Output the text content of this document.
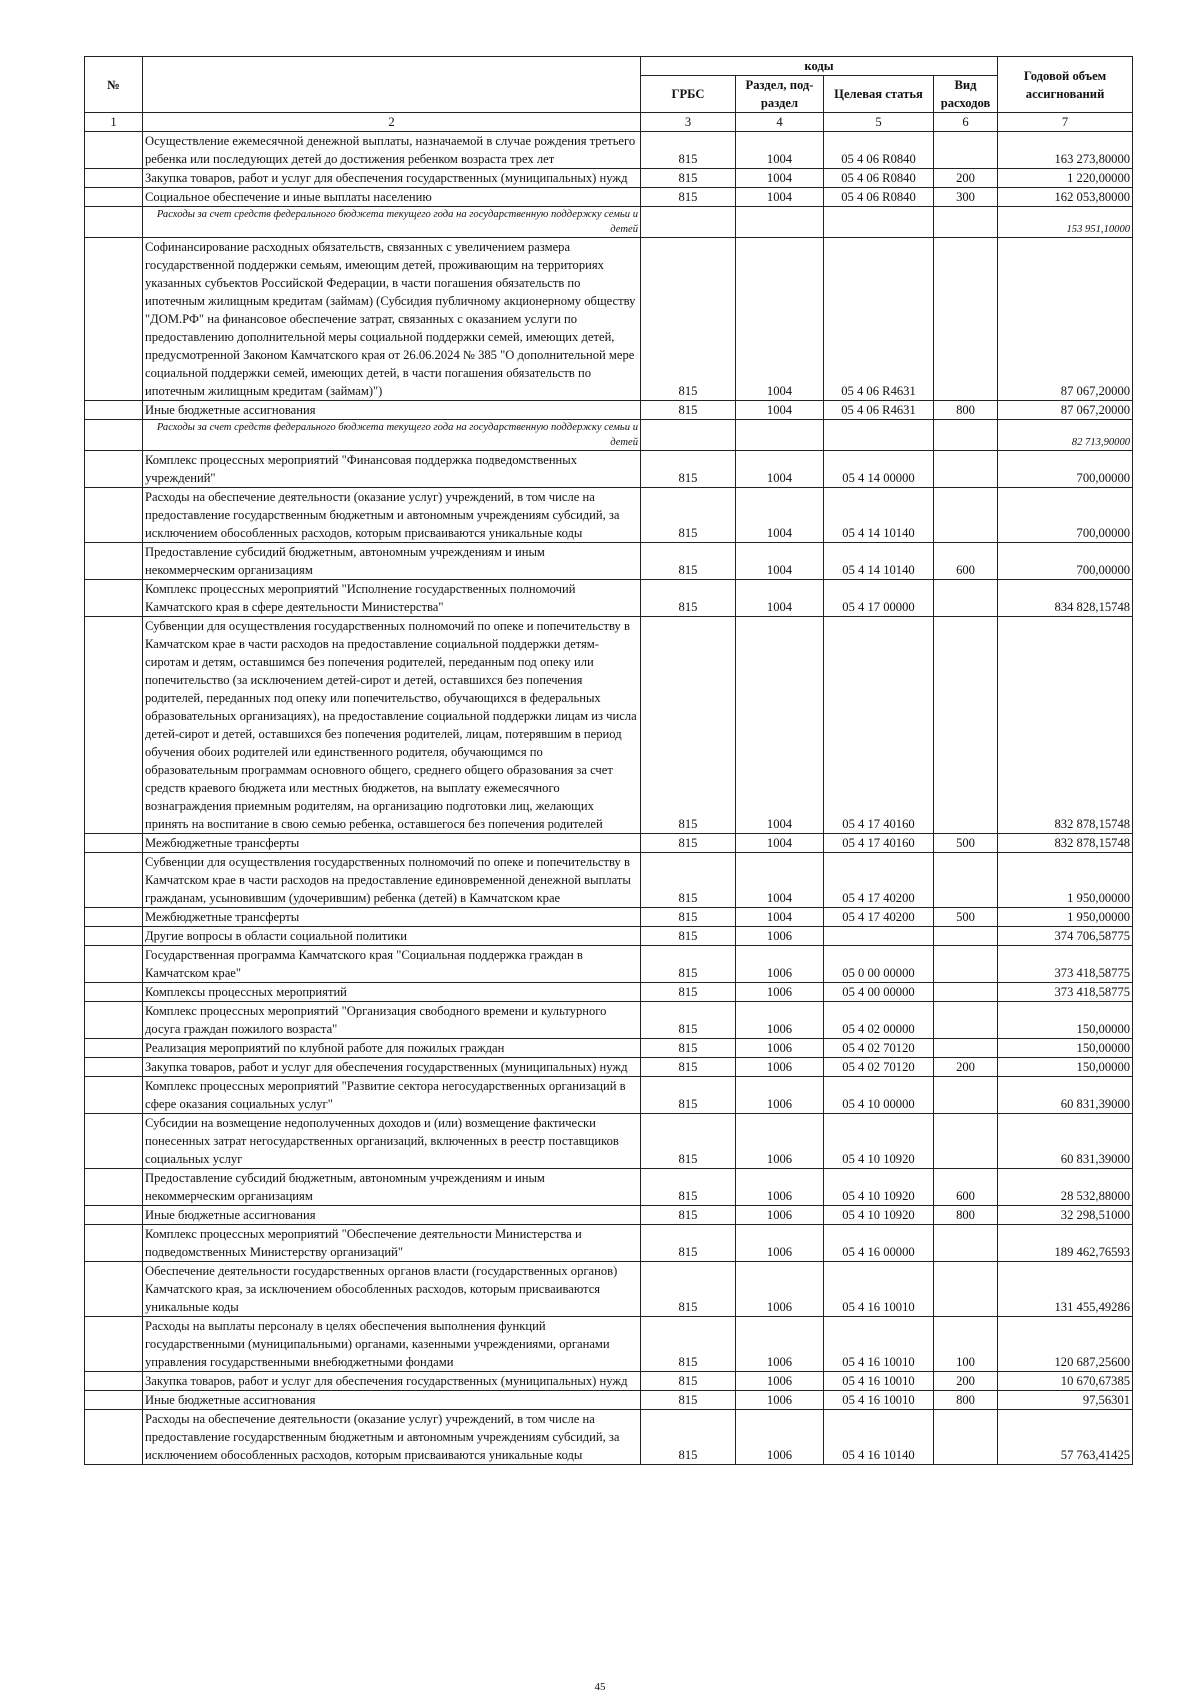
№		коды				Годовой объем ассигнований
		ГРБС	Раздел, под-раздел	Целевая статья	Вид расходов	
1	2	3	4	5	6	7
	Осуществление ежемесячной денежной выплаты, назначаемой в случае рождения третьего ребенка или последующих детей до достижения ребенком возраста трех лет	815	1004	05 4 06 R0840		163 273,80000
	Закупка товаров, работ и услуг для обеспечения государственных (муниципальных) нужд	815	1004	05 4 06 R0840	200	1 220,00000
	Социальное обеспечение и иные выплаты населению	815	1004	05 4 06 R0840	300	162 053,80000
	Расходы за счет средств федерального бюджета текущего года на государственную поддержку семьи и детей					153 951,10000
	Софинансирование расходных обязательств, связанных с увеличением размера государственной поддержки семьям, имеющим детей, проживающим на территориях указанных субъектов Российской Федерации, в части погашения обязательств по ипотечным жилищным кредитам (займам) (Субсидия публичному акционерному обществу "ДОМ.РФ" на финансовое обеспечение затрат, связанных с оказанием услуги по предоставлению дополнительной меры социальной поддержки семей, имеющих детей, предусмотренной Законом Камчатского края от 26.06.2024 № 385 "О дополнительной мере социальной поддержки семей, имеющих детей, в части погашения обязательств по ипотечным жилищным кредитам (займам)")	815	1004	05 4 06 R4631		87 067,20000
	Иные бюджетные ассигнования	815	1004	05 4 06 R4631	800	87 067,20000
	Расходы за счет средств федерального бюджета текущего года на государственную поддержку семьи и детей					82 713,90000
	Комплекс процессных мероприятий "Финансовая поддержка подведомственных учреждений"	815	1004	05 4 14 00000		700,00000
	Расходы на обеспечение деятельности (оказание услуг) учреждений, в том числе на предоставление государственным бюджетным и автономным учреждениям субсидий, за исключением обособленных расходов, которым присваиваются уникальные коды	815	1004	05 4 14 10140		700,00000
	Предоставление субсидий бюджетным, автономным учреждениям и иным некоммерческим организациям	815	1004	05 4 14 10140	600	700,00000
	Комплекс процессных мероприятий "Исполнение государственных полномочий Камчатского края в сфере деятельности Министерства"	815	1004	05 4 17 00000		834 828,15748
	Субвенции для осуществления государственных полномочий по опеке и попечительству в Камчатском крае в части расходов на предоставление социальной поддержки детям-сиротам и детям, оставшимся без попечения родителей, переданным под опеку или попечительство (за исключением детей-сирот и детей, оставшихся без попечения родителей, переданных под опеку или попечительство, обучающихся в федеральных образовательных организациях), на предоставление социальной поддержки лицам из числа детей-сирот и детей, оставшихся без попечения родителей, лицам, потерявшим в период обучения обоих родителей или единственного родителя, обучающимся по образовательным программам основного общего, среднего общего образования за счет средств краевого бюджета или местных бюджетов, на выплату ежемесячного вознаграждения приемным родителям, на организацию подготовки лиц, желающих принять на воспитание в свою семью ребенка, оставшегося без попечения родителей	815	1004	05 4 17 40160		832 878,15748
	Межбюджетные трансферты	815	1004	05 4 17 40160	500	832 878,15748
	Субвенции для осуществления государственных полномочий по опеке и попечительству в Камчатском крае в части расходов на предоставление единовременной денежной выплаты гражданам, усыновившим (удочерившим) ребенка (детей) в Камчатском крае	815	1004	05 4 17 40200		1 950,00000
	Межбюджетные трансферты	815	1004	05 4 17 40200	500	1 950,00000
	Другие вопросы в области социальной политики	815	1006			374 706,58775
	Государственная программа Камчатского края "Социальная поддержка граждан в Камчатском крае"	815	1006	05 0 00 00000		373 418,58775
	Комплексы процессных мероприятий	815	1006	05 4 00 00000		373 418,58775
	Комплекс процессных мероприятий "Организация свободного времени и культурного досуга граждан пожилого возраста"	815	1006	05 4 02 00000		150,00000
	Реализация мероприятий по клубной работе для пожилых граждан	815	1006	05 4 02 70120		150,00000
	Закупка товаров, работ и услуг для обеспечения государственных (муниципальных) нужд	815	1006	05 4 02 70120	200	150,00000
	Комплекс процессных мероприятий "Развитие сектора негосударственных организаций в сфере оказания социальных услуг"	815	1006	05 4 10 00000		60 831,39000
	Субсидии на возмещение недополученных доходов и (или) возмещение фактически понесенных затрат негосударственных организаций, включенных в реестр поставщиков социальных услуг	815	1006	05 4 10 10920		60 831,39000
	Предоставление субсидий бюджетным, автономным учреждениям и иным некоммерческим организациям	815	1006	05 4 10 10920	600	28 532,88000
	Иные бюджетные ассигнования	815	1006	05 4 10 10920	800	32 298,51000
	Комплекс процессных мероприятий "Обеспечение деятельности Министерства и подведомственных Министерству организаций"	815	1006	05 4 16 00000		189 462,76593
	Обеспечение деятельности государственных органов власти (государственных органов) Камчатского края, за исключением обособленных расходов, которым присваиваются уникальные коды	815	1006	05 4 16 10010		131 455,49286
	Расходы на выплаты персоналу в целях обеспечения выполнения функций государственными (муниципальными) органами, казенными учреждениями, органами управления государственными внебюджетными фондами	815	1006	05 4 16 10010	100	120 687,25600
	Закупка товаров, работ и услуг для обеспечения государственных (муниципальных) нужд	815	1006	05 4 16 10010	200	10 670,67385
	Иные бюджетные ассигнования	815	1006	05 4 16 10010	800	97,56301
	Расходы на обеспечение деятельности (оказание услуг) учреждений, в том числе на предоставление государственным бюджетным и автономным учреждениям субсидий, за исключением обособленных расходов, которым присваиваются уникальные коды	815	1006	05 4 16 10140		57 763,41425
45
